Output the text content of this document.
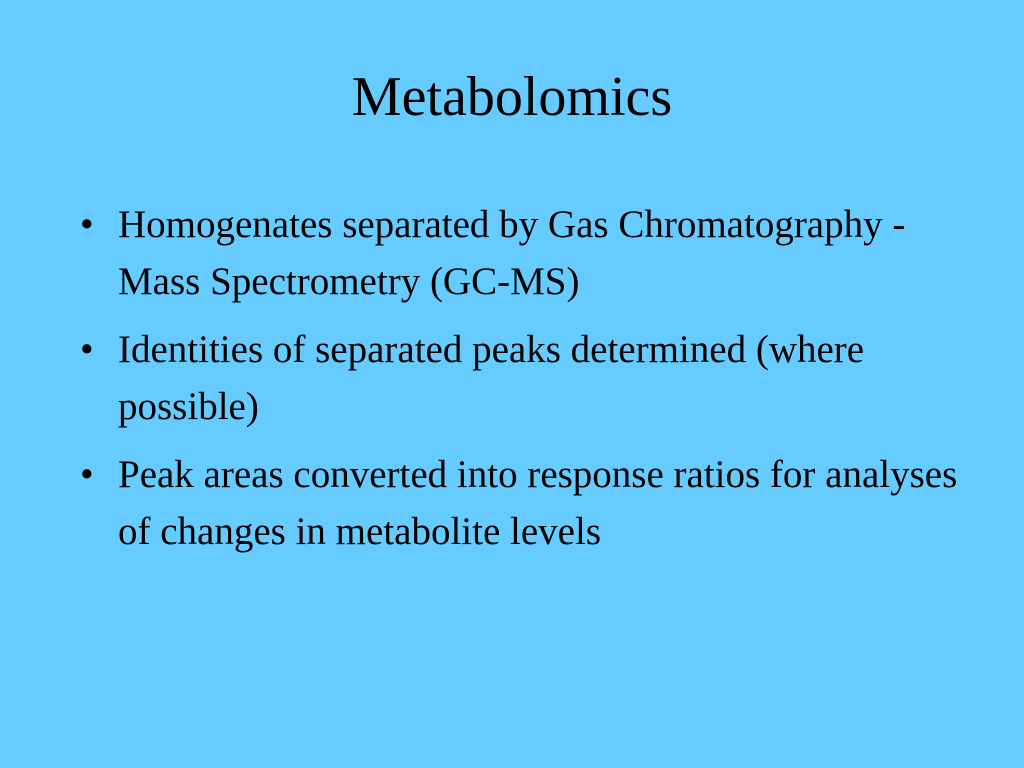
Metabolomics
• Homogenates separated by Gas Chromatography - Mass Spectrometry (GC-MS)
• Identities of separated peaks determined (where possible)
• Peak areas converted into response ratios for analyses of changes in metabolite levels
